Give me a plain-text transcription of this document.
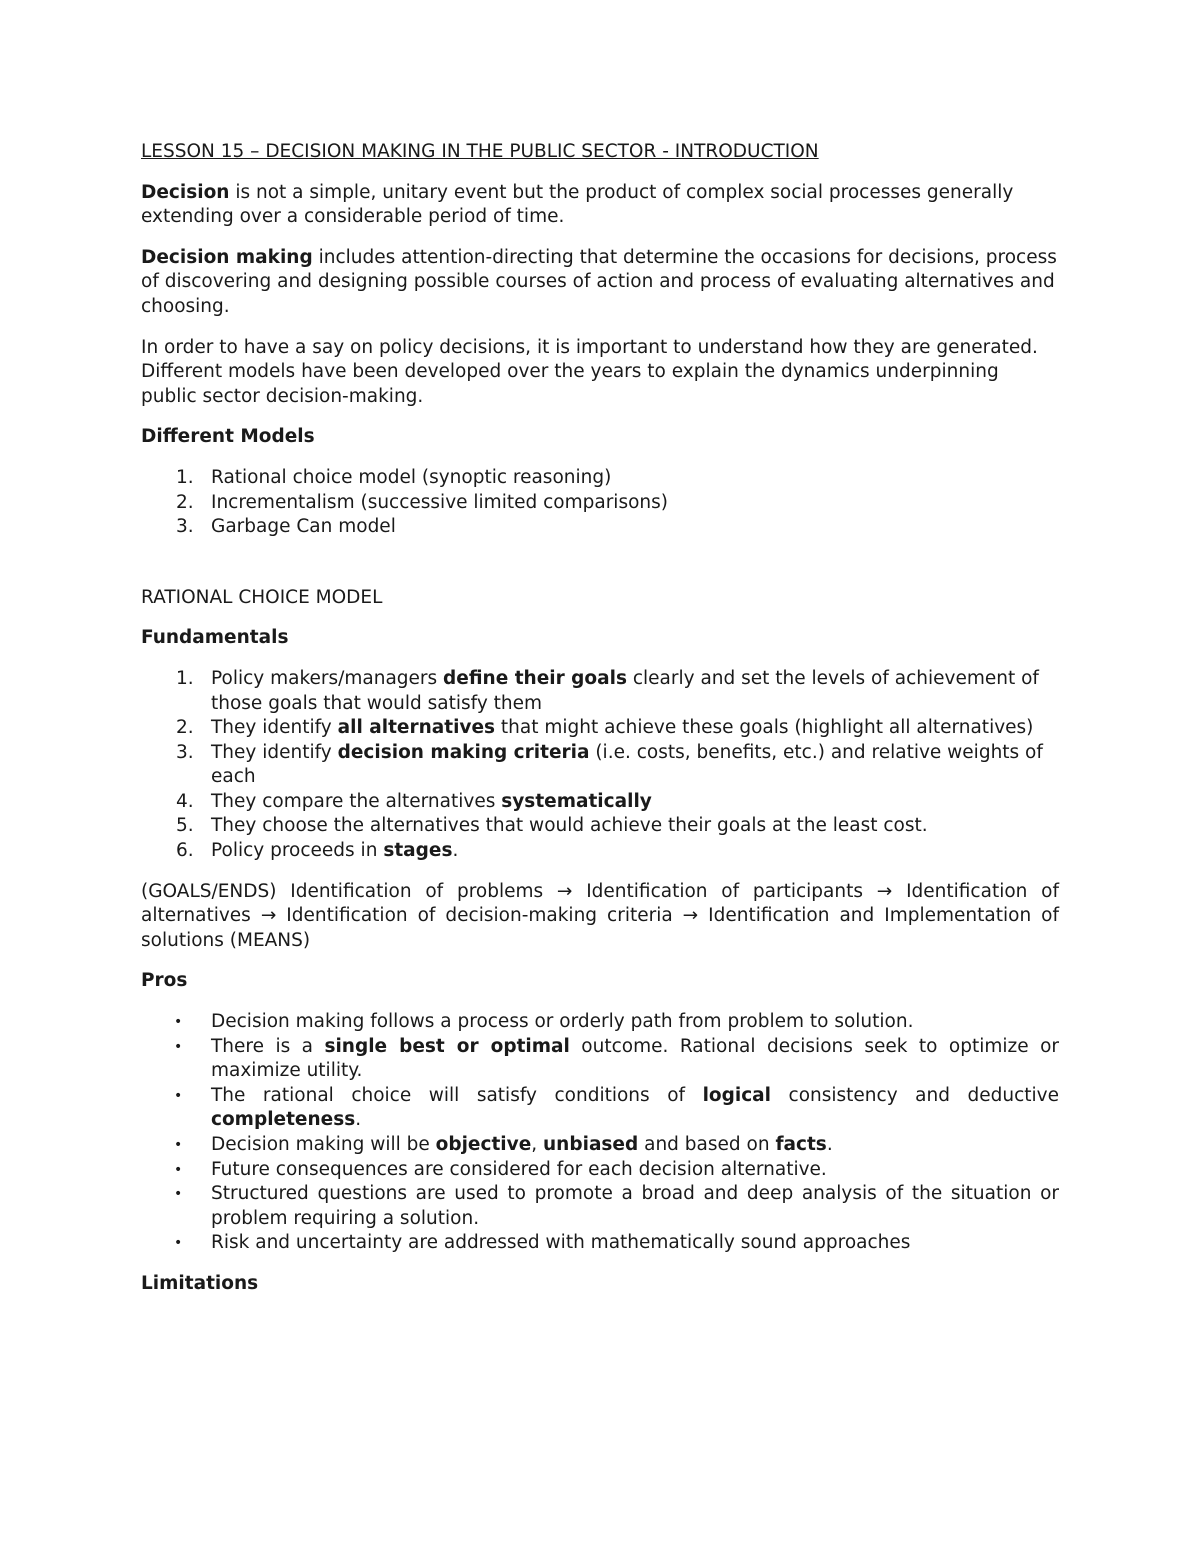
LESSON 15 – DECISION MAKING IN THE PUBLIC SECTOR - INTRODUCTION

Decision is not a simple, unitary event but the product of complex social processes generally extending over a considerable period of time.

Decision making includes attention-directing that determine the occasions for decisions, process of discovering and designing possible courses of action and process of evaluating alternatives and choosing.

In order to have a say on policy decisions, it is important to understand how they are generated. Different models have been developed over the years to explain the dynamics underpinning public sector decision-making.

Different Models
1. Rational choice model (synoptic reasoning)
2. Incrementalism (successive limited comparisons)
3. Garbage Can model
RATIONAL CHOICE MODEL
Fundamentals
1. Policy makers/managers define their goals clearly and set the levels of achievement of those goals that would satisfy them
2. They identify all alternatives that might achieve these goals (highlight all alternatives)
3. They identify decision making criteria (i.e. costs, benefits, etc.) and relative weights of each
4. They compare the alternatives systematically
5. They choose the alternatives that would achieve their goals at the least cost.
6. Policy proceeds in stages.

(GOALS/ENDS) Identification of problems → Identification of participants → Identification of alternatives → Identification of decision-making criteria → Identification and Implementation of solutions (MEANS)

Pros
• Decision making follows a process or orderly path from problem to solution.
• There is a single best or optimal outcome. Rational decisions seek to optimize or maximize utility.
• The rational choice will satisfy conditions of logical consistency and deductive completeness.
• Decision making will be objective, unbiased and based on facts.
• Future consequences are considered for each decision alternative.
• Structured questions are used to promote a broad and deep analysis of the situation or problem requiring a solution.
• Risk and uncertainty are addressed with mathematically sound approaches
Limitations
